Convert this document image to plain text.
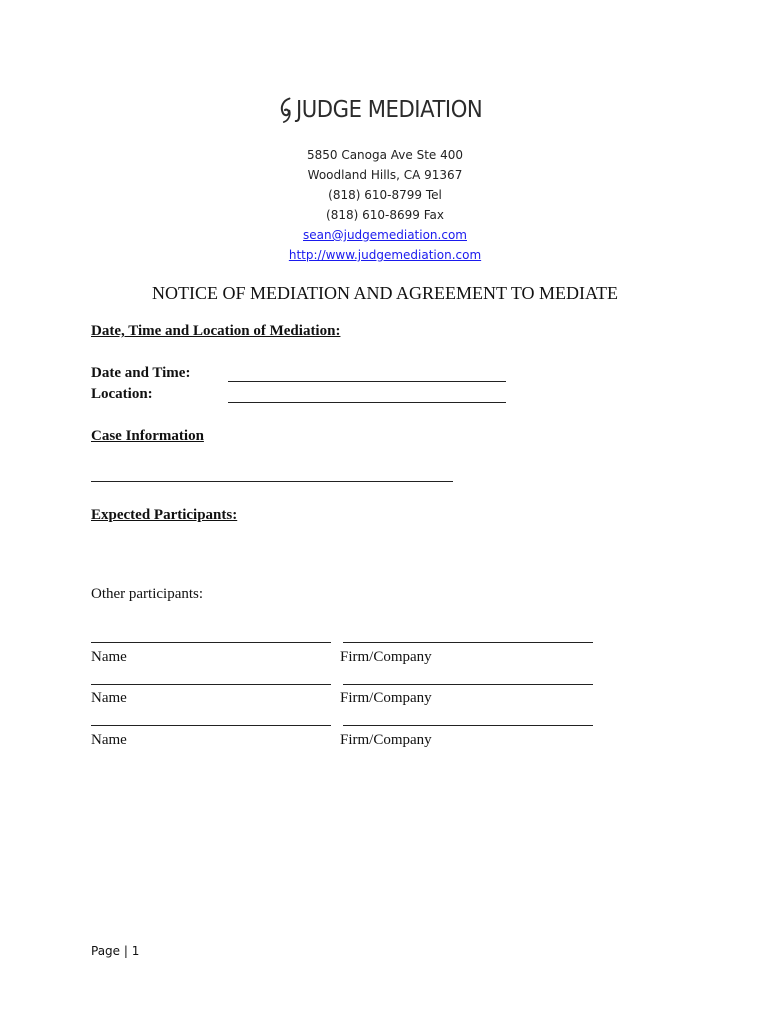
JUDGE MEDIATION
5850 Canoga Ave Ste 400
Woodland Hills, CA 91367
(818) 610-8799 Tel
(818) 610-8699 Fax
sean@judgemediation.com
http://www.judgemediation.com
NOTICE OF MEDIATION AND AGREEMENT TO MEDIATE
Date, Time and Location of Mediation:
Date and Time:
Location:
Case Information
Expected Participants:
Other participants:
Name	Firm/Company
Name	Firm/Company
Name	Firm/Company
Page | 1
